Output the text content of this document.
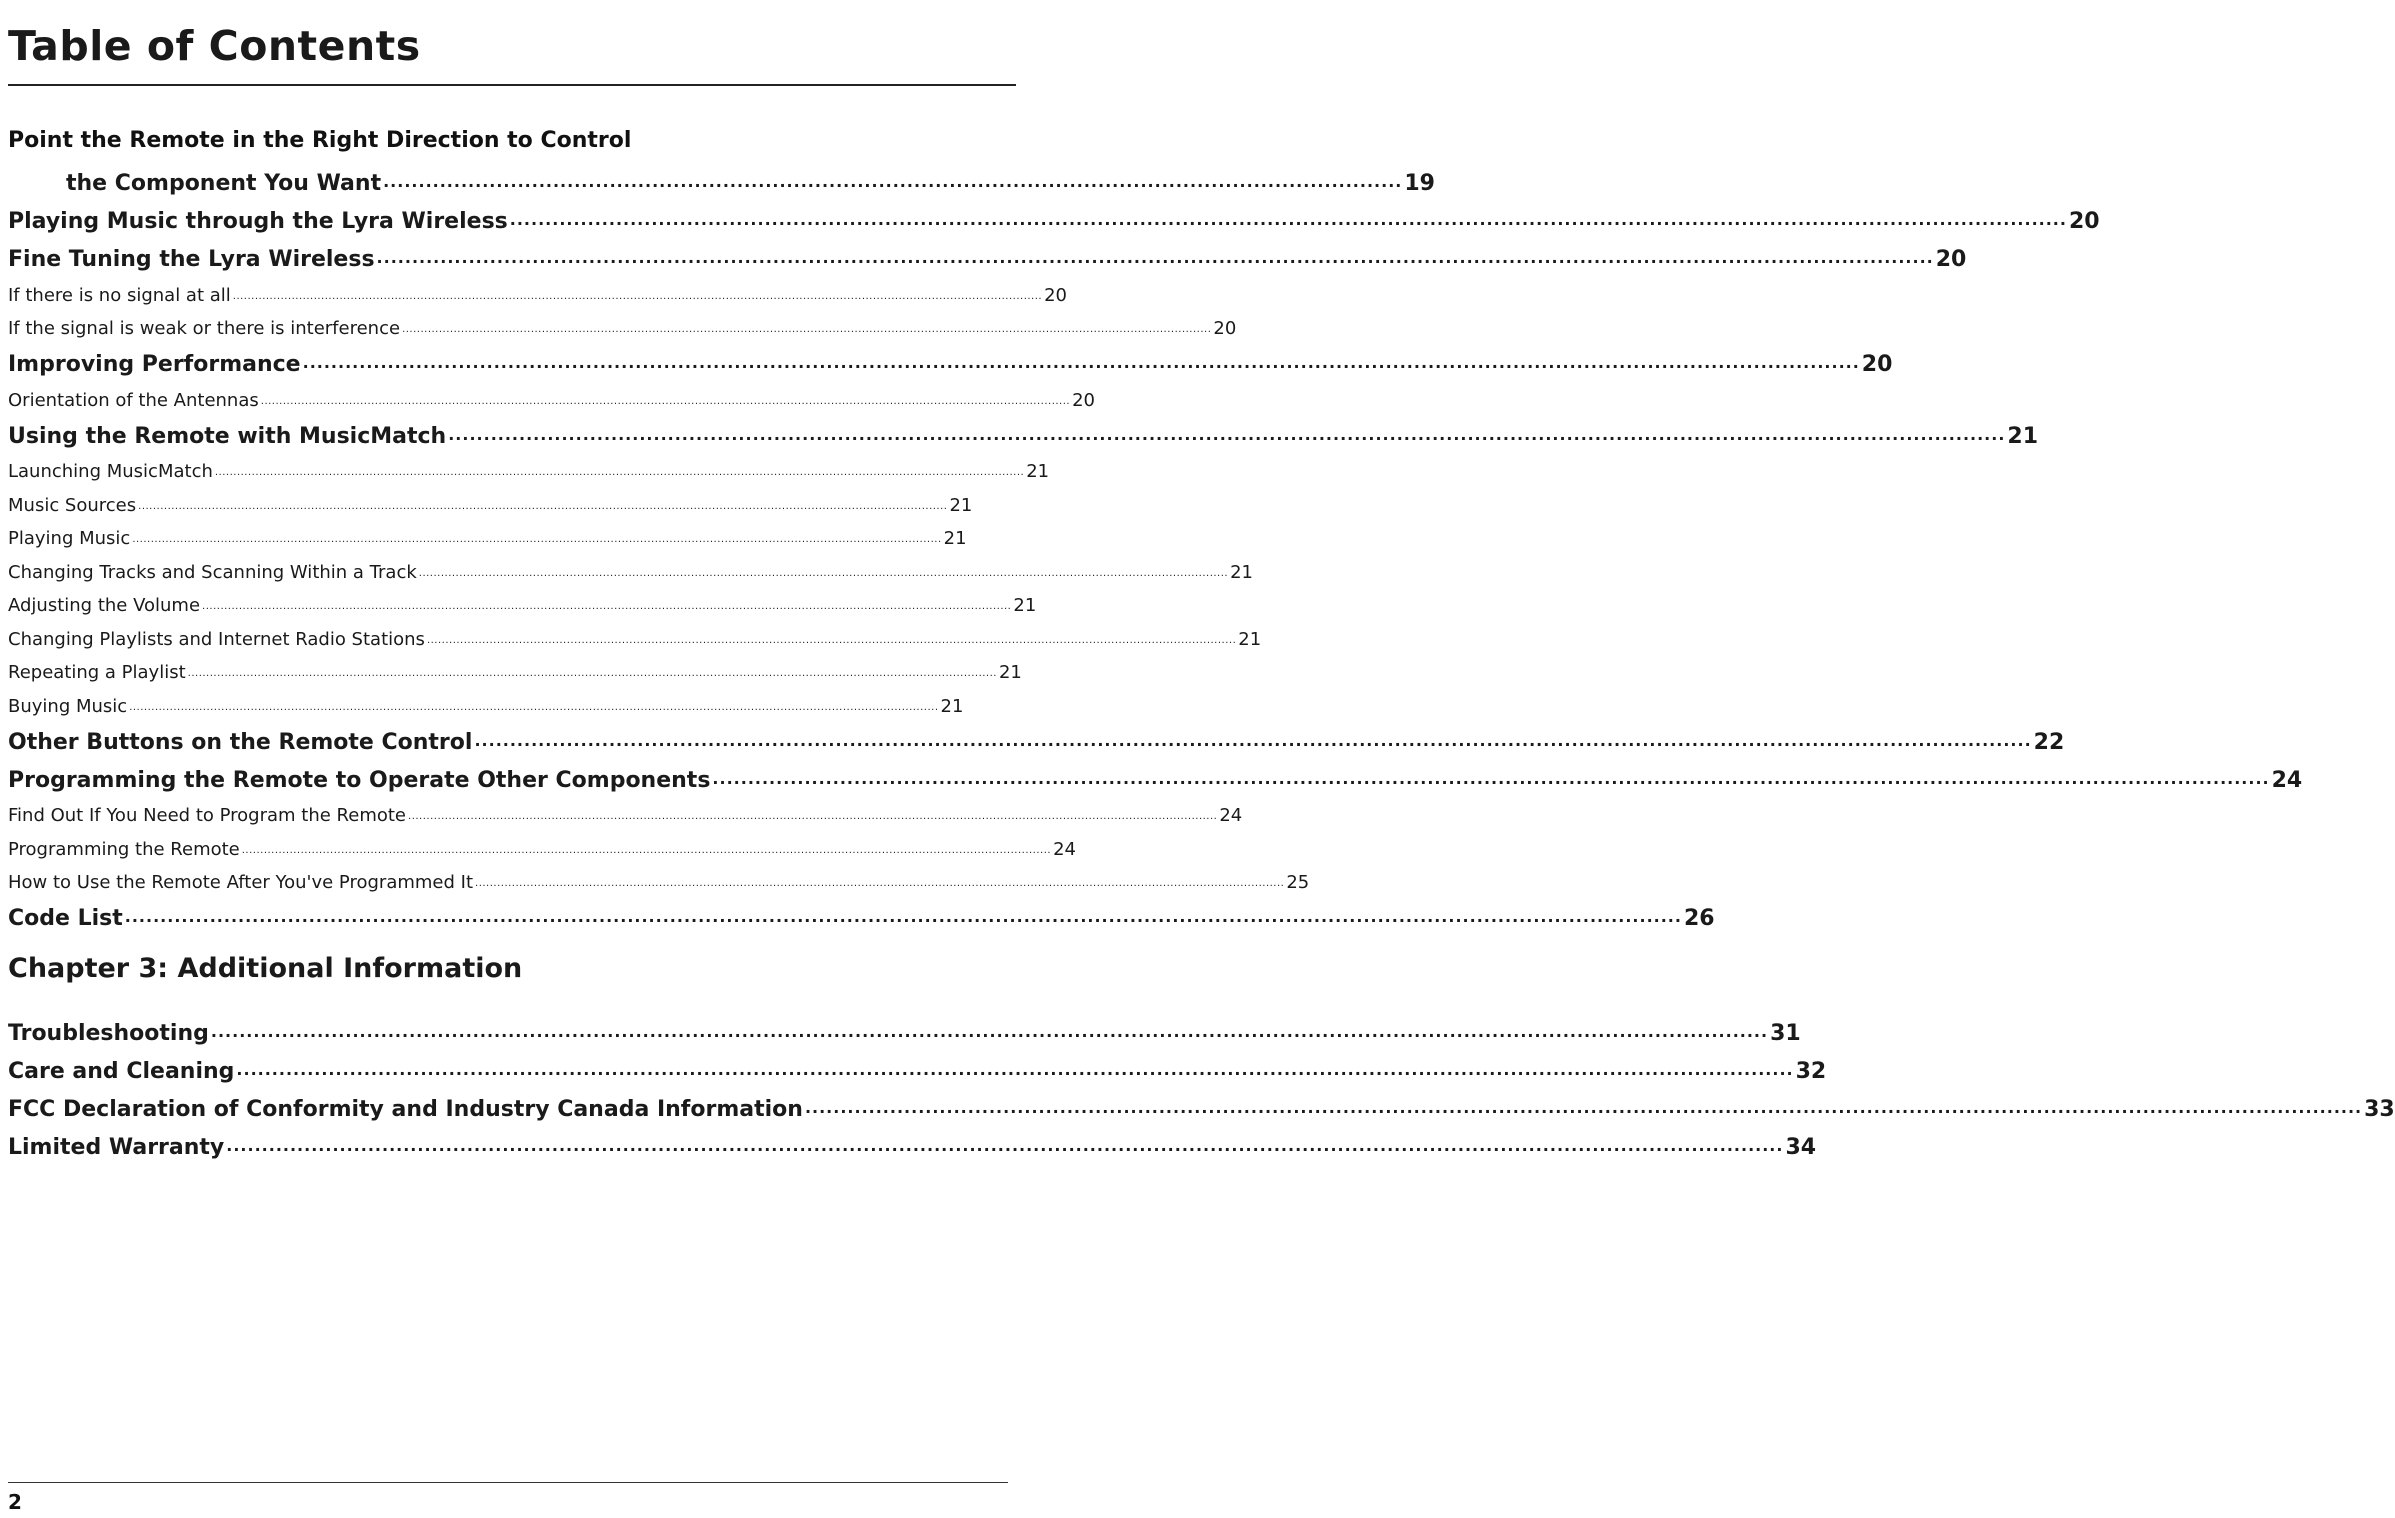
Table of Contents
Point the Remote in the Right Direction to Control
the Component You Want ................................................................................................................................................ 19
Playing Music through the Lyra Wireless ............................................................................................................................................................................................................................ 20
Fine Tuning the Lyra Wireless ............................................................................................................................................................................................................................ 20
If there is no signal at all ............................................................................................................................................................................................................................ 20
If the signal is weak or there is interference ............................................................................................................................................................................................................................ 20
Improving Performance ............................................................................................................................................................................................................................ 20
Orientation of the Antennas ............................................................................................................................................................................................................................ 20
Using the Remote with MusicMatch ............................................................................................................................................................................................................................ 21
Launching MusicMatch ............................................................................................................................................................................................................................ 21
Music Sources ............................................................................................................................................................................................................................ 21
Playing Music ............................................................................................................................................................................................................................ 21
Changing Tracks and Scanning Within a Track ............................................................................................................................................................................................................................ 21
Adjusting the Volume ............................................................................................................................................................................................................................ 21
Changing Playlists and Internet Radio Stations ............................................................................................................................................................................................................................ 21
Repeating a Playlist ............................................................................................................................................................................................................................ 21
Buying Music ............................................................................................................................................................................................................................ 21
Other Buttons on the Remote Control ............................................................................................................................................................................................................................ 22
Programming the Remote to Operate Other Components ............................................................................................................................................................................................................................ 24
Find Out If You Need to Program the Remote ............................................................................................................................................................................................................................ 24
Programming the Remote ............................................................................................................................................................................................................................ 24
How to Use the Remote After You've Programmed It ............................................................................................................................................................................................................................ 25
Code List ............................................................................................................................................................................................................................ 26
Chapter 3: Additional Information
Troubleshooting ............................................................................................................................................................................................................................ 31
Care and Cleaning ............................................................................................................................................................................................................................ 32
FCC Declaration of Conformity and Industry Canada Information ............................................................................................................................................................................................................................ 33
Limited Warranty ............................................................................................................................................................................................................................ 34
2
